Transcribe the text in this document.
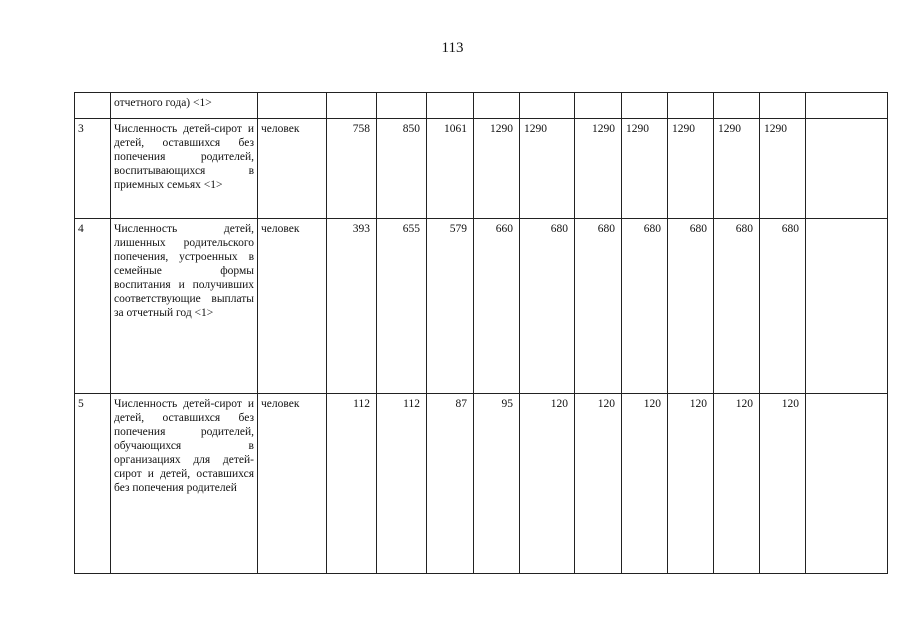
113
	отчетного года) <1>												
3	Численность детей-сирот и детей, оставшихся без попечения родителей, воспитывающихся в приемных семьях <1>	человек	758	850	1061	1290	1290	1290	1290	1290	1290	1290	
4	Численность детей, лишенных родительского попечения, устроенных в семейные формы воспитания и получивших соответствующие выплаты за отчетный год <1>	человек	393	655	579	660	680	680	680	680	680	680	
5	Численность детей-сирот и детей, оставшихся без попечения родителей, обучающихся в организациях для детей-сирот и детей, оставшихся без попечения родителей	человек	112	112	87	95	120	120	120	120	120	120	
